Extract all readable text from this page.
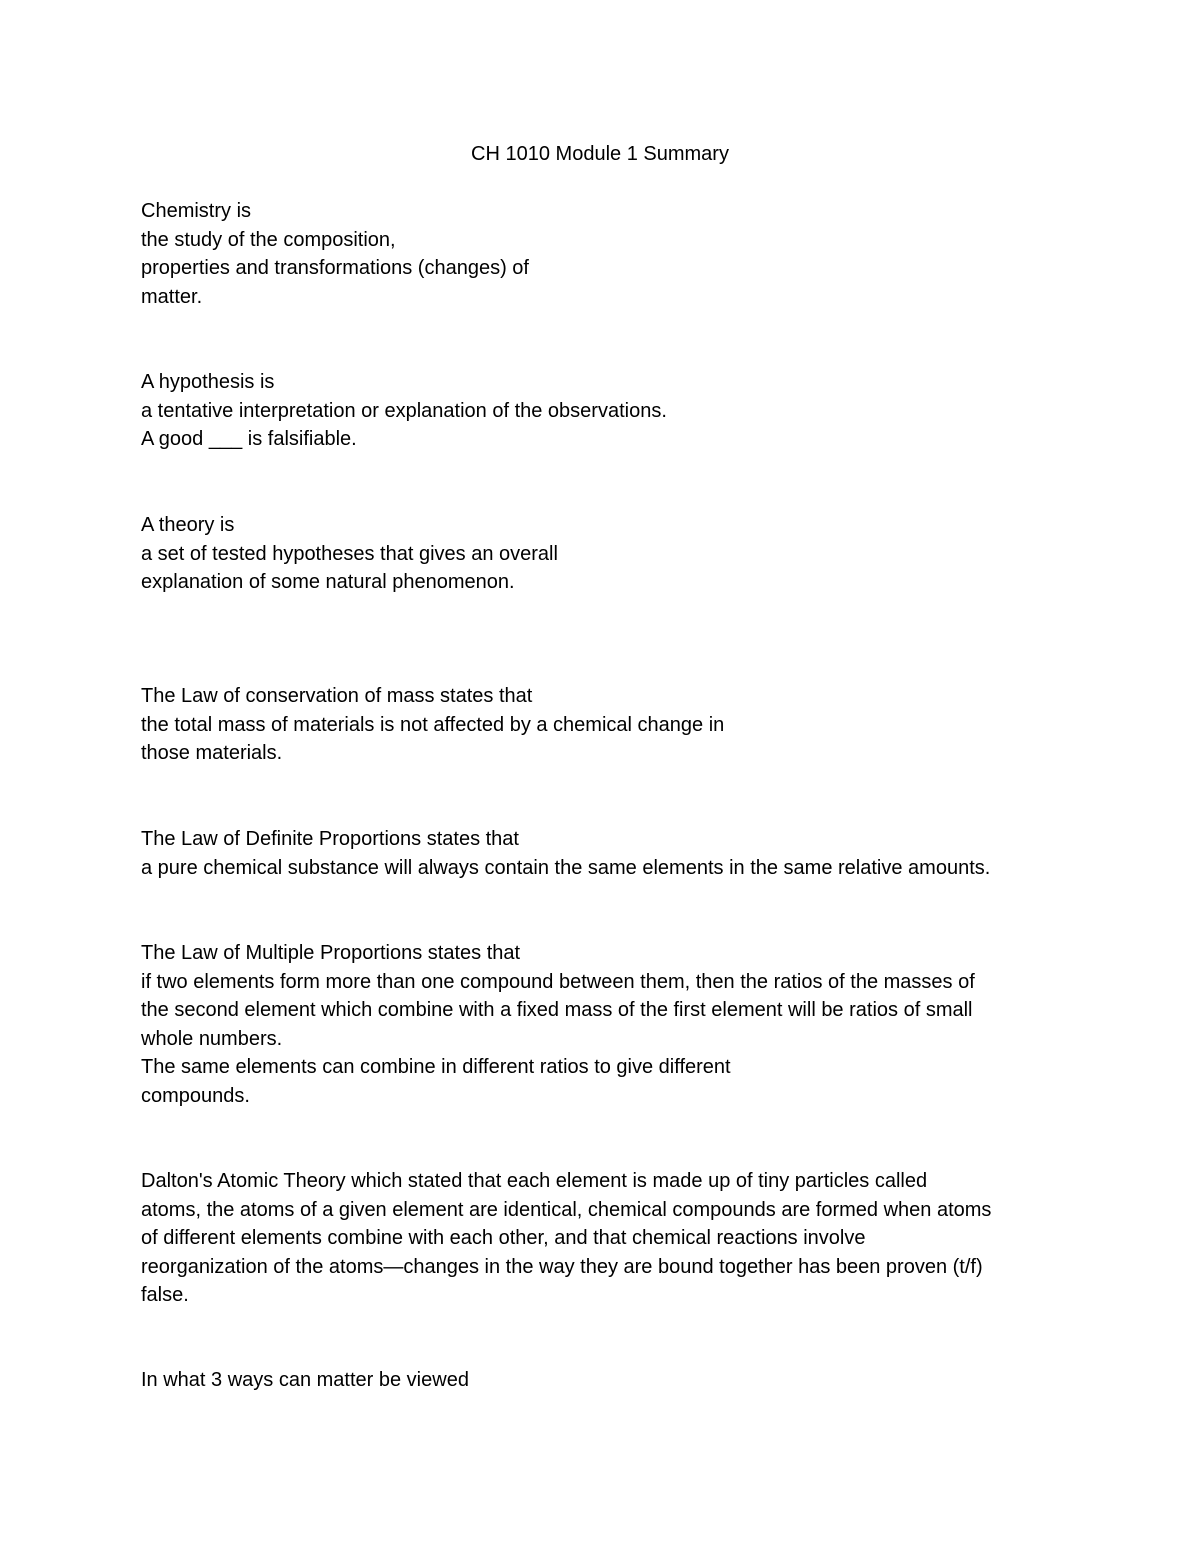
CH 1010 Module 1 Summary
Chemistry is
the study of the composition,
properties and transformations (changes) of
matter.
A hypothesis is
a tentative interpretation or explanation of the observations.
A good ___ is falsifiable.
A theory is
a set of tested hypotheses that gives an overall
explanation of some natural phenomenon.
The Law of conservation of mass states that
the total mass of materials is not affected by a chemical change in
those materials.
The Law of Definite Proportions states that
a pure chemical substance will always contain the same elements in the same relative amounts.
The Law of Multiple Proportions states that
if two elements form more than one compound between them, then the ratios of the masses of
the second element which combine with a fixed mass of the first element will be ratios of small
whole numbers.
The same elements can combine in different ratios to give different
compounds.
Dalton's Atomic Theory which stated that each element is made up of tiny particles called
atoms, the atoms of a given element are identical, chemical compounds are formed when atoms
of different elements combine with each other, and that chemical reactions involve
reorganization of the atoms—changes in the way they are bound together has been proven (t/f)
false.
In what 3 ways can matter be viewed
